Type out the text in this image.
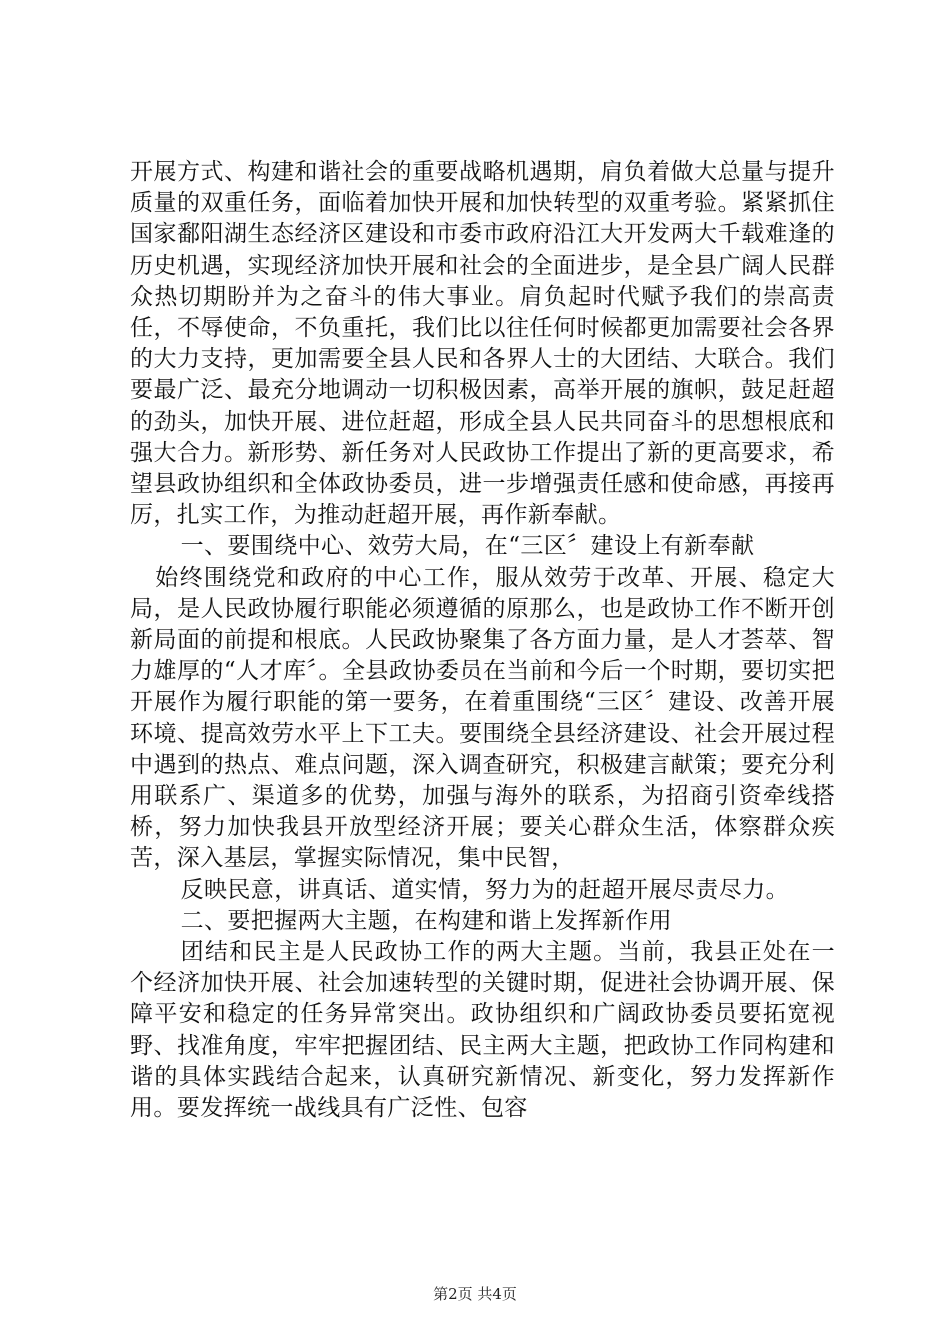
开展方式、构建和谐社会的重要战略机遇期，肩负着做大总量与提升质量的双重任务，面临着加快开展和加快转型的双重考验。紧紧抓住国家鄱阳湖生态经济区建设和市委市政府沿江大开发两大千载难逢的历史机遇，实现经济加快开展和社会的全面进步，是全县广阔人民群众热切期盼并为之奋斗的伟大事业。肩负起时代赋予我们的崇高责任，不辱使命，不负重托，我们比以往任何时候都更加需要社会各界的大力支持，更加需要全县人民和各界人士的大团结、大联合。我们要最广泛、最充分地调动一切积极因素，高举开展的旗帜，鼓足赶超的劲头，加快开展、进位赶超，形成全县人民共同奋斗的思想根底和强大合力。新形势、新任务对人民政协工作提出了新的更高要求，希望县政协组织和全体政协委员，进一步增强责任感和使命感，再接再厉，扎实工作，为推动赶超开展，再作新奉献。

一、要围绕中心、效劳大局，在“三区〞建设上有新奉献

始终围绕党和政府的中心工作，服从效劳于改革、开展、稳定大局，是人民政协履行职能必须遵循的原那么，也是政协工作不断开创新局面的前提和根底。人民政协聚集了各方面力量，是人才荟萃、智力雄厚的“人才库〞。全县政协委员在当前和今后一个时期，要切实把开展作为履行职能的第一要务，在着重围绕“三区〞建设、改善开展环境、提高效劳水平上下工夫。要围绕全县经济建设、社会开展过程中遇到的热点、难点问题，深入调查研究，积极建言献策；要充分利用联系广、渠道多的优势，加强与海外的联系，为招商引资牵线搭桥，努力加快我县开放型经济开展；要关心群众生活，体察群众疾苦，深入基层，掌握实际情况，集中民智，

反映民意，讲真话、道实情，努力为的赶超开展尽责尽力。

二、要把握两大主题，在构建和谐上发挥新作用

团结和民主是人民政协工作的两大主题。当前，我县正处在一个经济加快开展、社会加速转型的关键时期，促进社会协调开展、保障平安和稳定的任务异常突出。政协组织和广阔政协委员要拓宽视野、找准角度，牢牢把握团结、民主两大主题，把政协工作同构建和谐的具体实践结合起来，认真研究新情况、新变化，努力发挥新作用。要发挥统一战线具有广泛性、包容

第2页 共4页
